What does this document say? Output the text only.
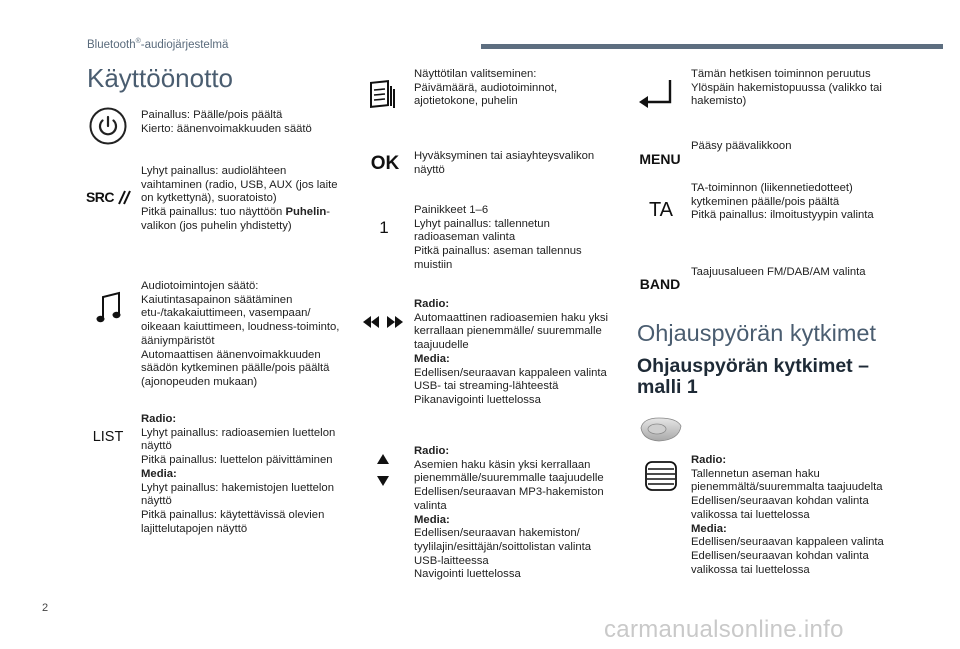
Bluetooth®-audiojärjestelmä
Käyttöönotto
Painallus: Päälle/pois päältä
Kierto: äänenvoimakkuuden säätö
SRC
Lyhyt painallus: audiolähteen vaihtaminen (radio, USB, AUX (jos laite on kytkettynä), suoratoisto)
Pitkä painallus: tuo näyttöön Puhelin-valikon (jos puhelin yhdistetty)
Audiotoimintojen säätö:
Kaiutintasapainon säätäminen etu-/takakaiuttimeen, vasempaan/ oikeaan kaiuttimeen, loudness-toiminto, ääniympäristöt
Automaattisen äänenvoimakkuuden säädön kytkeminen päälle/pois päältä (ajonopeuden mukaan)
LIST
Radio:
Lyhyt painallus: radioasemien luettelon näyttö
Pitkä painallus: luettelon päivittäminen
Media:
Lyhyt painallus: hakemistojen luettelon näyttö
Pitkä painallus: käytettävissä olevien lajittelutapojen näyttö
Näyttötilan valitseminen:
Päivämäärä, audiotoiminnot, ajotietokone, puhelin
OK Hyväksyminen tai asiayhteysvalikon näyttö
1
Painikkeet 1–6
Lyhyt painallus: tallennetun radioaseman valinta
Pitkä painallus: aseman tallennus muistiin
Radio:
Automaattinen radioasemien haku yksi kerrallaan pienemmälle/ suuremmalle taajuudelle
Media:
Edellisen/seuraavan kappaleen valinta USB- tai streaming-lähteestä
Pikanavigointi luettelossa
Radio:
Asemien haku käsin yksi kerrallaan pienemmälle/suuremmalle taajuudelle
Edellisen/seuraavan MP3-hakemiston valinta
Media:
Edellisen/seuraavan hakemiston/ tyylilajin/esittäjän/soittolistan valinta USB-laitteessa
Navigointi luettelossa
Tämän hetkisen toiminnon peruutus
Ylöspäin hakemistopuussa (valikko tai hakemisto)
MENU
Pääsy päävalikkoon
TA
TA-toiminnon (liikennetiedotteet) kytkeminen päälle/pois päältä
Pitkä painallus: ilmoitustyypin valinta
BAND
Taajuusalueen FM/DAB/AM valinta
Ohjauspyörän kytkimet
Ohjauspyörän kytkimet – malli 1
Radio:
Tallennetun aseman haku pienemmältä/suuremmalta taajuudelta
Edellisen/seuraavan kohdan valinta valikossa tai luettelossa
Media:
Edellisen/seuraavan kappaleen valinta
Edellisen/seuraavan kohdan valinta valikossa tai luettelossa
2
carmanualsonline.info
